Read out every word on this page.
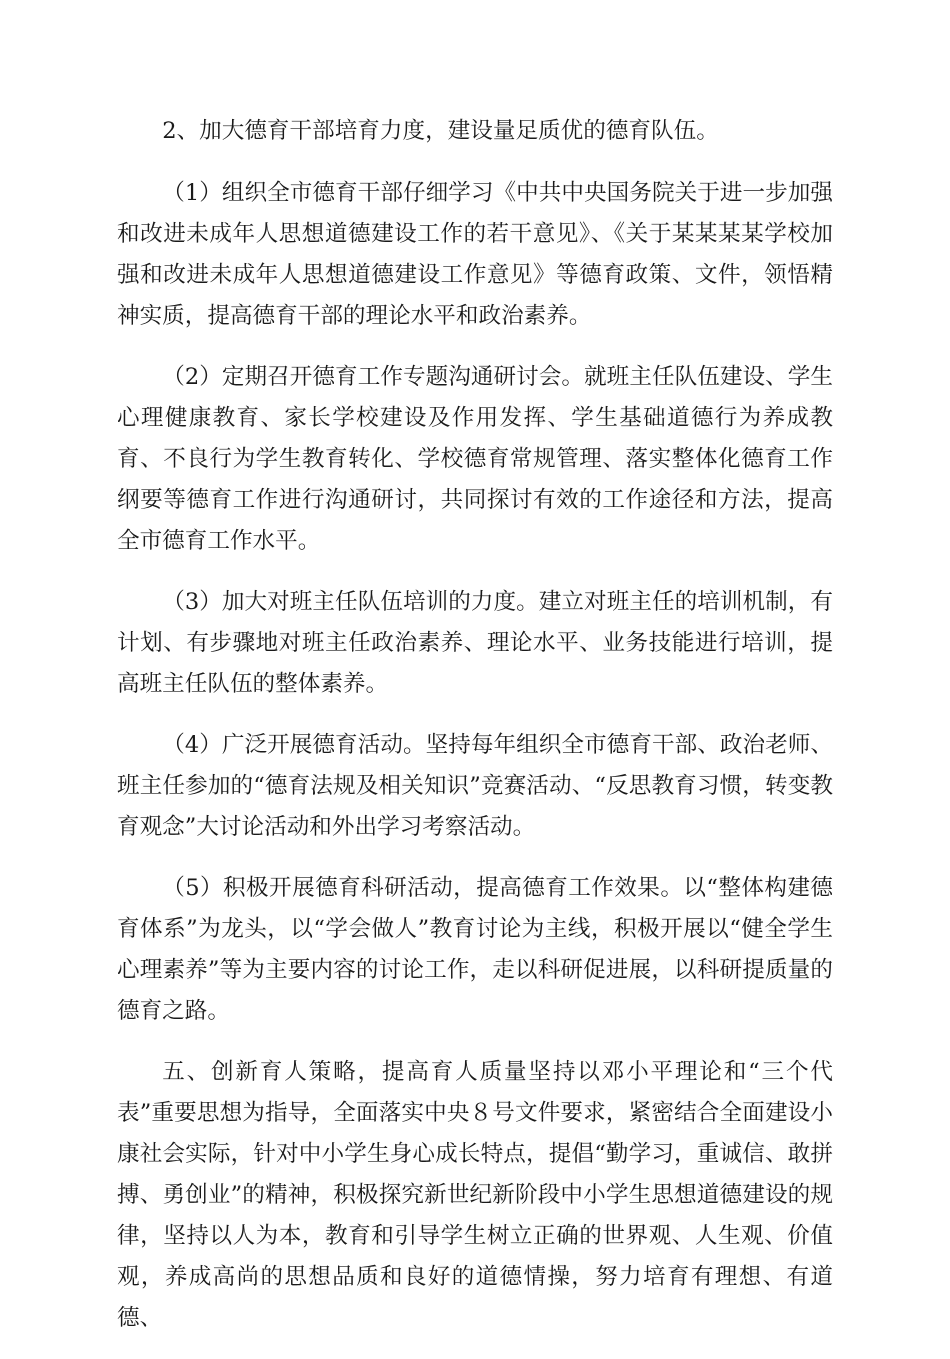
2、加大德育干部培育力度，建设量足质优的德育队伍。

（1）组织全市德育干部仔细学习《中共中央国务院关于进一步加强和改进未成年人思想道德建设工作的若干意见》、《关于某某某某学校加强和改进未成年人思想道德建设工作意见》等德育政策、文件，领悟精神实质，提高德育干部的理论水平和政治素养。

（2）定期召开德育工作专题沟通研讨会。就班主任队伍建设、学生心理健康教育、家长学校建设及作用发挥、学生基础道德行为养成教育、不良行为学生教育转化、学校德育常规管理、落实整体化德育工作纲要等德育工作进行沟通研讨，共同探讨有效的工作途径和方法，提高全市德育工作水平。

（3）加大对班主任队伍培训的力度。建立对班主任的培训机制，有计划、有步骤地对班主任政治素养、理论水平、业务技能进行培训，提高班主任队伍的整体素养。

（4）广泛开展德育活动。坚持每年组织全市德育干部、政治老师、班主任参加的“德育法规及相关知识”竞赛活动、“反思教育习惯，转变教育观念”大讨论活动和外出学习考察活动。

（5）积极开展德育科研活动，提高德育工作效果。以“整体构建德育体系”为龙头，以“学会做人”教育讨论为主线，积极开展以“健全学生心理素养”等为主要内容的讨论工作，走以科研促进展，以科研提质量的德育之路。

五、创新育人策略，提高育人质量坚持以邓小平理论和“三个代表”重要思想为指导，全面落实中央８号文件要求，紧密结合全面建设小康社会实际，针对中小学生身心成长特点，提倡“勤学习，重诚信、敢拼搏、勇创业”的精神，积极探究新世纪新阶段中小学生思想道德建设的规律，坚持以人为本，教育和引导学生树立正确的世界观、人生观、价值观，养成高尚的思想品质和良好的道德情操，努力培育有理想、有道德、
